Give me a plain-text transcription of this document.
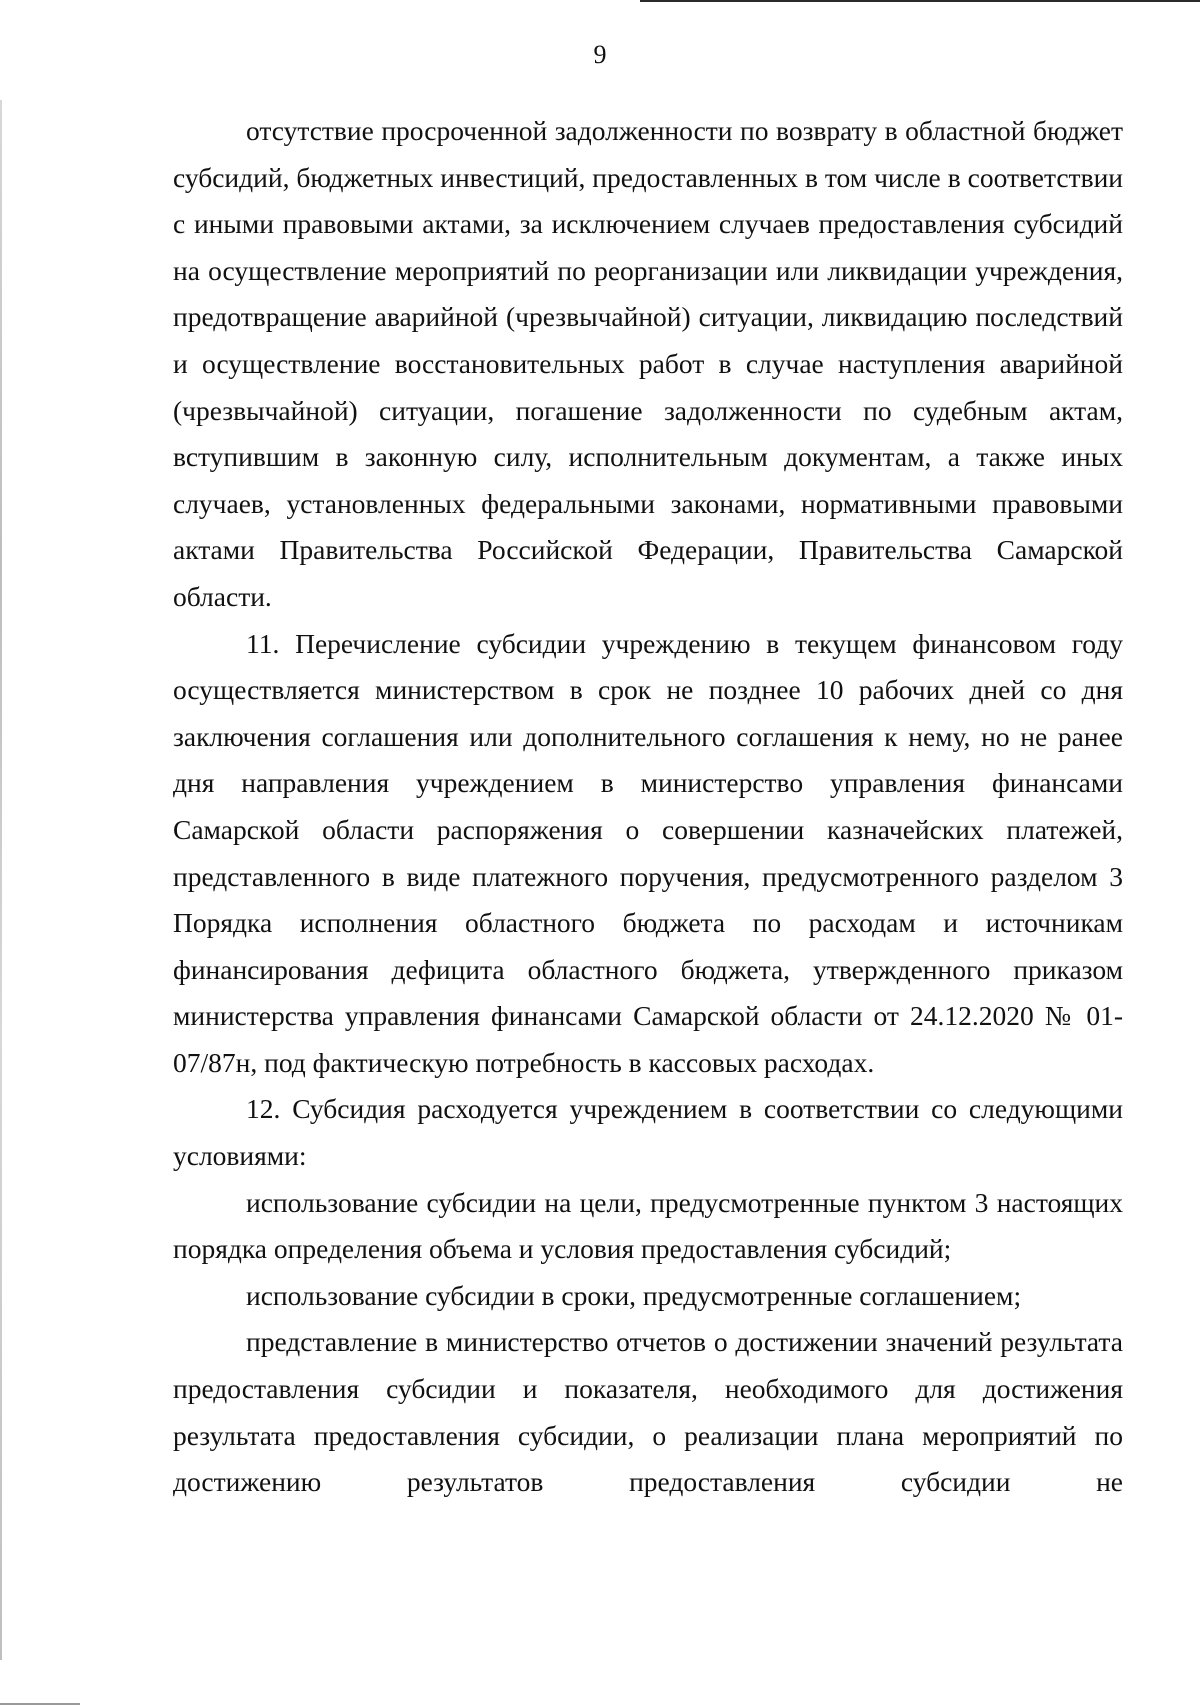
9

отсутствие просроченной задолженности по возврату в областной бюджет субсидий, бюджетных инвестиций, предоставленных в том числе в соответствии с иными правовыми актами, за исключением случаев предоставления субсидий на осуществление мероприятий по реорганизации или ликвидации учреждения, предотвращение аварийной (чрезвычайной) ситуации, ликвидацию последствий и осуществление восстановительных работ в случае наступления аварийной (чрезвычайной) ситуации, погашение задолженности по судебным актам, вступившим в законную силу, исполнительным документам, а также иных случаев, установленных федеральными законами, нормативными правовыми актами Правительства Российской Федерации, Правительства Самарской области.

11. Перечисление субсидии учреждению в текущем финансовом году осуществляется министерством в срок не позднее 10 рабочих дней со дня заключения соглашения или дополнительного соглашения к нему, но не ранее дня направления учреждением в министерство управления финансами Самарской области распоряжения о совершении казначейских платежей, представленного в виде платежного поручения, предусмотренного разделом 3 Порядка исполнения областного бюджета по расходам и источникам финансирования дефицита областного бюджета, утвержденного приказом министерства управления финансами Самарской области от 24.12.2020 № 01-07/87н, под фактическую потребность в кассовых расходах.

12. Субсидия расходуется учреждением в соответствии со следующими условиями:

использование субсидии на цели, предусмотренные пунктом 3 настоящих порядка определения объема и условия предоставления субсидий;

использование субсидии в сроки, предусмотренные соглашением;

представление в министерство отчетов о достижении значений результата предоставления субсидии и показателя, необходимого для достижения результата предоставления субсидии, о реализации плана мероприятий по достижению результатов предоставления субсидии не
